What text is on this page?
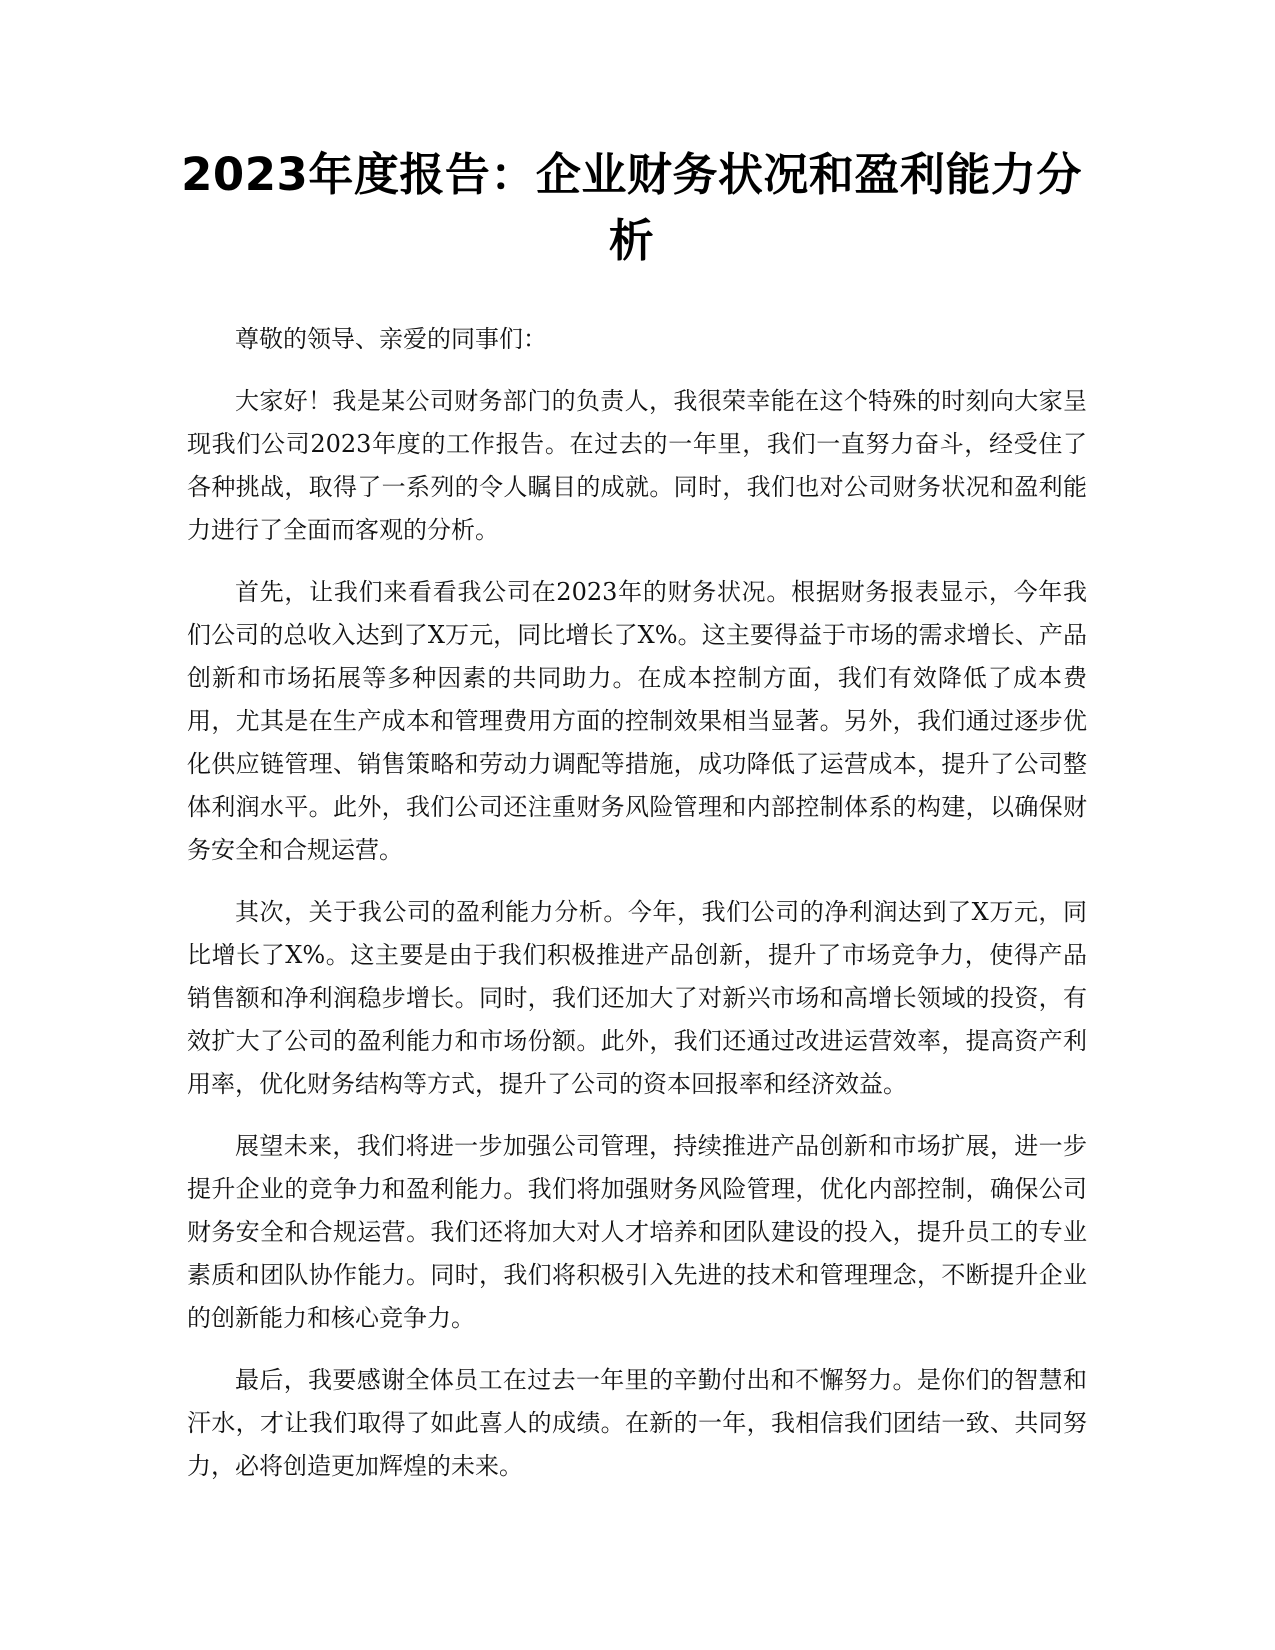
2023年度报告：企业财务状况和盈利能力分析

尊敬的领导、亲爱的同事们：

大家好！我是某公司财务部门的负责人，我很荣幸能在这个特殊的时刻向大家呈现我们公司2023年度的工作报告。在过去的一年里，我们一直努力奋斗，经受住了各种挑战，取得了一系列的令人瞩目的成就。同时，我们也对公司财务状况和盈利能力进行了全面而客观的分析。

首先，让我们来看看我公司在2023年的财务状况。根据财务报表显示，今年我们公司的总收入达到了X万元，同比增长了X%。这主要得益于市场的需求增长、产品创新和市场拓展等多种因素的共同助力。在成本控制方面，我们有效降低了成本费用，尤其是在生产成本和管理费用方面的控制效果相当显著。另外，我们通过逐步优化供应链管理、销售策略和劳动力调配等措施，成功降低了运营成本，提升了公司整体利润水平。此外，我们公司还注重财务风险管理和内部控制体系的构建，以确保财务安全和合规运营。

其次，关于我公司的盈利能力分析。今年，我们公司的净利润达到了X万元，同比增长了X%。这主要是由于我们积极推进产品创新，提升了市场竞争力，使得产品销售额和净利润稳步增长。同时，我们还加大了对新兴市场和高增长领域的投资，有效扩大了公司的盈利能力和市场份额。此外，我们还通过改进运营效率，提高资产利用率，优化财务结构等方式，提升了公司的资本回报率和经济效益。

展望未来，我们将进一步加强公司管理，持续推进产品创新和市场扩展，进一步提升企业的竞争力和盈利能力。我们将加强财务风险管理，优化内部控制，确保公司财务安全和合规运营。我们还将加大对人才培养和团队建设的投入，提升员工的专业素质和团队协作能力。同时，我们将积极引入先进的技术和管理理念，不断提升企业的创新能力和核心竞争力。

最后，我要感谢全体员工在过去一年里的辛勤付出和不懈努力。是你们的智慧和汗水，才让我们取得了如此喜人的成绩。在新的一年，我相信我们团结一致、共同努力，必将创造更加辉煌的未来。
